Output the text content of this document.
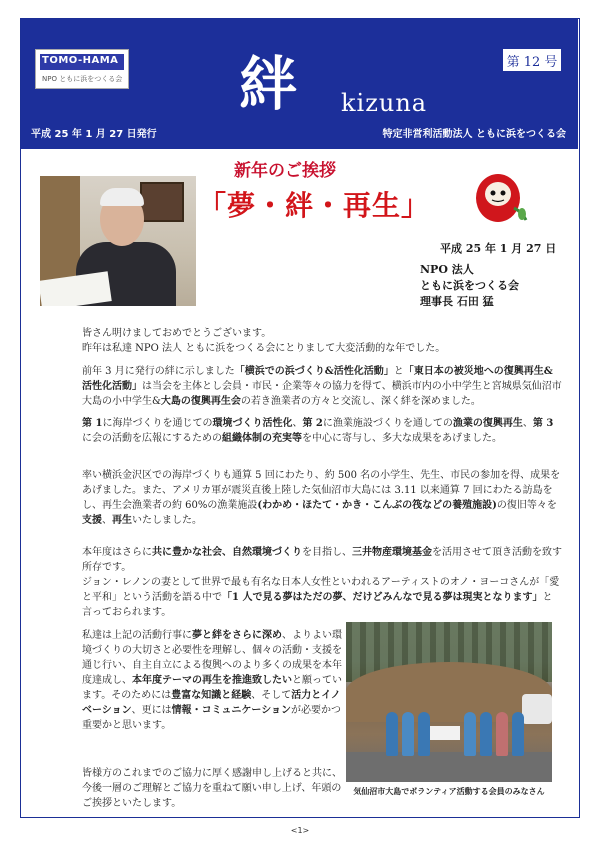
TOMO-HAMA
NPO ともに浜をつくる会 絆 kizuna
第 12 号
平成 25 年 1 月 27 日発行	特定非営利活動法人 ともに浜をつくる会
新年のご挨拶
「夢・絆・再生」
平成 25 年 1 月 27 日
NPO 法人
ともに浜をつくる会
理事長 石田 猛
皆さん明けましておめでとうございます。
昨年は私達 NPO 法人 ともに浜をつくる会にとりまして大変活動的な年でした。
前年 3 月に発行の絆に示しました「横浜での浜づくり&活性化活動」と「東日本の被災地への復興再生&活性化活動」は当会を主体とし会員・市民・企業等々の協力を得て、横浜市内の小中学生と宮城県気仙沼市大島の小中学生&大島の復興再生会の若き漁業者の方々と交流し、深く絆を深めました。
第 1に海岸づくりを通じての環境づくり活性化、第 2に漁業施設づくりを通しての漁業の復興再生、第 3に会の活動を広報にするための組織体制の充実等を中心に寄与し、多大な成果をあげました。
率い横浜金沢区での海岸づくりも通算 5 回にわたり、約 500 名の小学生、先生、市民の参加を得、成果をあげました。また、アメリカ軍が震災直後上陸した気仙沼市大島には 3.11 以来通算 7 回にわたる訪島をし、再生会漁業者の約 60%の漁業施設(わかめ・ほたて・かき・こんぶの筏などの養殖施設)の復旧等々を支援、再生いたしました。
本年度はさらに共に豊かな社会、自然環境づくりを目指し、三井物産環境基金を活用させて頂き活動を致す所存です。
ジョン・レノンの妻として世界で最も有名な日本人女性といわれるアーティストのオノ・ヨーコさんが「愛と平和」という活動を語る中で「1 人で見る夢はただの夢、だけどみんなで見る夢は現実となります」と言っておられます。
私達は上記の活動行事に夢と絆をさらに深め、よりよい環境づくりの大切さと必要性を理解し、個々の活動・支援を通じ行い、自主自立による復興へのより多くの成果を本年度達成し、本年度テーマの再生を推進致したいと願っています。そのためには豊富な知識と経験、そして活力とイノベーション、更には情報・コミュニケーションが必要かつ重要かと思います。
皆様方のこれまでのご協力に厚く感謝申し上げると共に、今後一層のご理解とご協力を重ねて願い申し上げ、年頭のご挨拶といたします。
気仙沼市大島でボランティア活動する会員のみなさん
<1>
